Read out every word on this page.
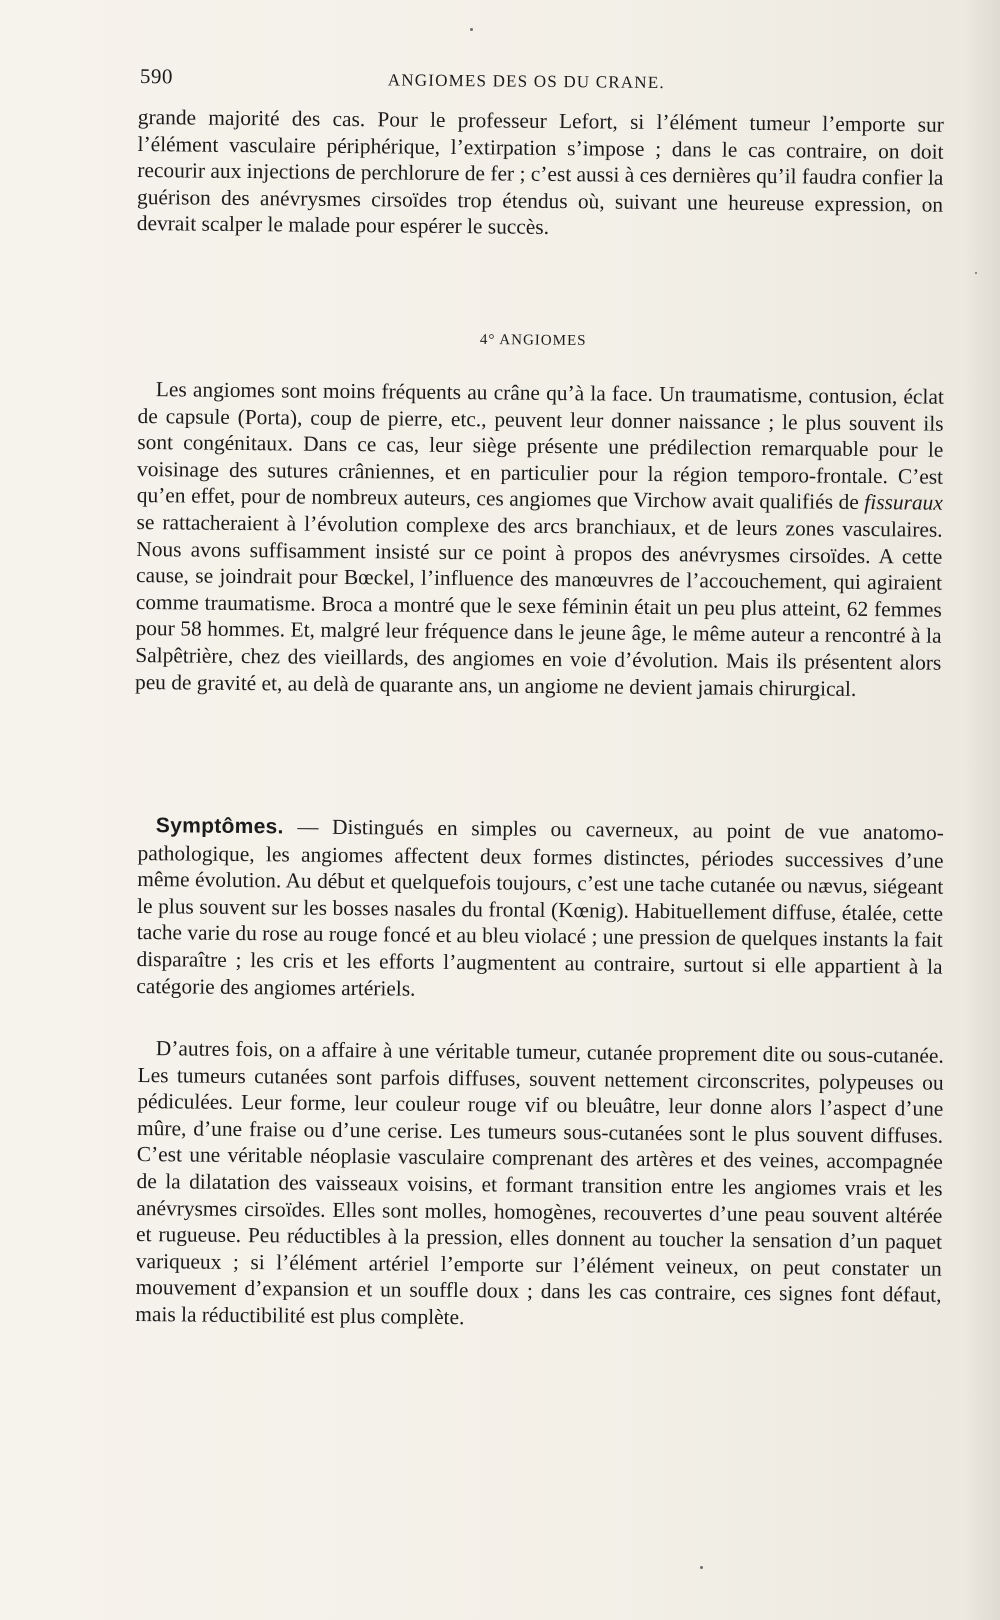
590	ANGIOMES DES OS DU CRANE.

grande majorité des cas. Pour le professeur Lefort, si l’élément tumeur l’emporte sur l’élément vasculaire périphérique, l’extirpation s’impose ; dans le cas contraire, on doit recourir aux injections de perchlorure de fer ; c’est aussi à ces dernières qu’il faudra confier la guérison des anévrysmes cirsoïdes trop étendus où, suivant une heureuse expression, on devrait scalper le malade pour espérer le succès.

4° ANGIOMES

Les angiomes sont moins fréquents au crâne qu’à la face. Un traumatisme, contusion, éclat de capsule (Porta), coup de pierre, etc., peuvent leur donner naissance ; le plus souvent ils sont congénitaux. Dans ce cas, leur siège présente une prédilection remarquable pour le voisinage des sutures crâniennes, et en particulier pour la région temporo-frontale. C’est qu’en effet, pour de nombreux auteurs, ces angiomes que Virchow avait qualifiés de fissuraux se rattacheraient à l’évolution complexe des arcs branchiaux, et de leurs zones vasculaires. Nous avons suffisamment insisté sur ce point à propos des anévrysmes cirsoïdes. A cette cause, se joindrait pour Bœckel, l’influence des manœuvres de l’accouchement, qui agiraient comme traumatisme. Broca a montré que le sexe féminin était un peu plus atteint, 62 femmes pour 58 hommes. Et, malgré leur fréquence dans le jeune âge, le même auteur a rencontré à la Salpêtrière, chez des vieillards, des angiomes en voie d’évolution. Mais ils présentent alors peu de gravité et, au delà de quarante ans, un angiome ne devient jamais chirurgical.

Symptômes. — Distingués en simples ou caverneux, au point de vue anatomo-pathologique, les angiomes affectent deux formes distinctes, périodes successives d’une même évolution. Au début et quelquefois toujours, c’est une tache cutanée ou nævus, siégeant le plus souvent sur les bosses nasales du frontal (Kœnig). Habituellement diffuse, étalée, cette tache varie du rose au rouge foncé et au bleu violacé ; une pression de quelques instants la fait disparaître ; les cris et les efforts l’augmentent au contraire, surtout si elle appartient à la catégorie des angiomes artériels.

D’autres fois, on a affaire à une véritable tumeur, cutanée proprement dite ou sous-cutanée. Les tumeurs cutanées sont parfois diffuses, souvent nettement circonscrites, polypeuses ou pédiculées. Leur forme, leur couleur rouge vif ou bleuâtre, leur donne alors l’aspect d’une mûre, d’une fraise ou d’une cerise. Les tumeurs sous-cutanées sont le plus souvent diffuses. C’est une véritable néoplasie vasculaire comprenant des artères et des veines, accompagnée de la dilatation des vaisseaux voisins, et formant transition entre les angiomes vrais et les anévrysmes cirsoïdes. Elles sont molles, homogènes, recouvertes d’une peau souvent altérée et rugueuse. Peu réductibles à la pression, elles donnent au toucher la sensation d’un paquet variqueux ; si l’élément artériel l’emporte sur l’élément veineux, on peut constater un mouvement d’expansion et un souffle doux ; dans les cas contraire, ces signes font défaut, mais la réductibilité est plus complète.
